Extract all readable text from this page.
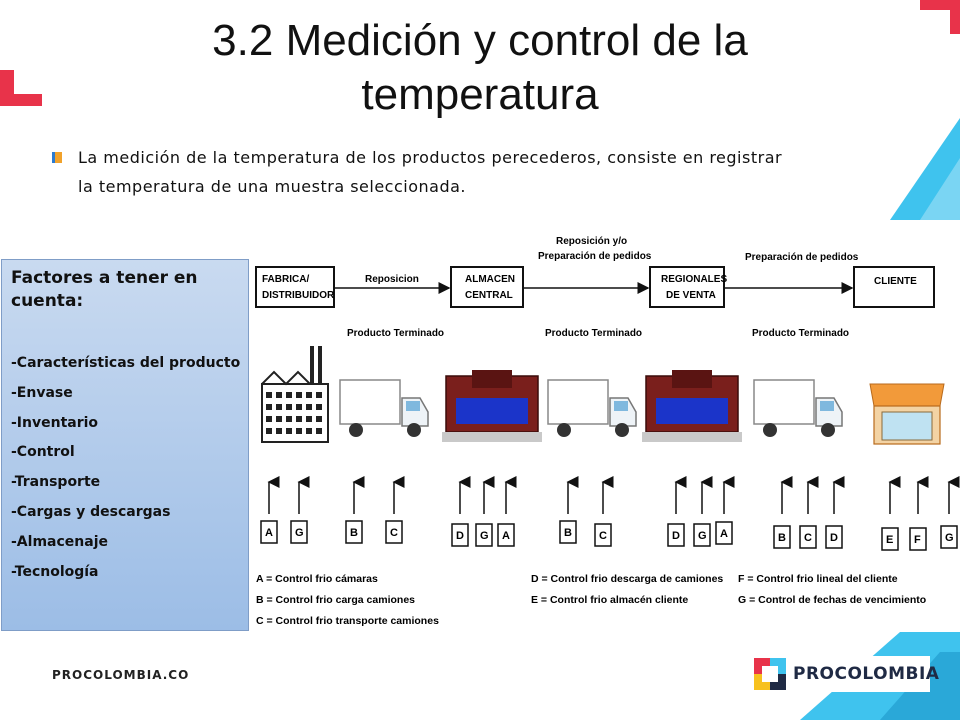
3.2 Medición y control de la
temperatura
La medición de la temperatura de los productos perecederos, consiste en registrar
la temperatura de una muestra seleccionada.
Factores a tener en
cuenta:
-Características del producto
-Envase
-Inventario
-Control
-Transporte
-Cargas y descargas
-Almacenaje
-Tecnología
FABRICA/
DISTRIBUIDOR
ALMACEN
CENTRAL
REGIONALES
DE VENTA
CLIENTE
Reposicion
Reposición y/o
Preparación de pedidos	Preparación de pedidos
Producto Terminado	Producto Terminado	Producto Terminado
A G	B	C	D G A	B C	D G A	B C D	E F G
A = Control frio cámaras
B = Control frio carga camiones
C = Control frio transporte camiones
D = Control frio descarga de camiones
E = Control frio almacén cliente
F = Control frio lineal del cliente
G = Control de fechas de vencimiento
PROCOLOMBIA.CO	PROCOLOMBIA
